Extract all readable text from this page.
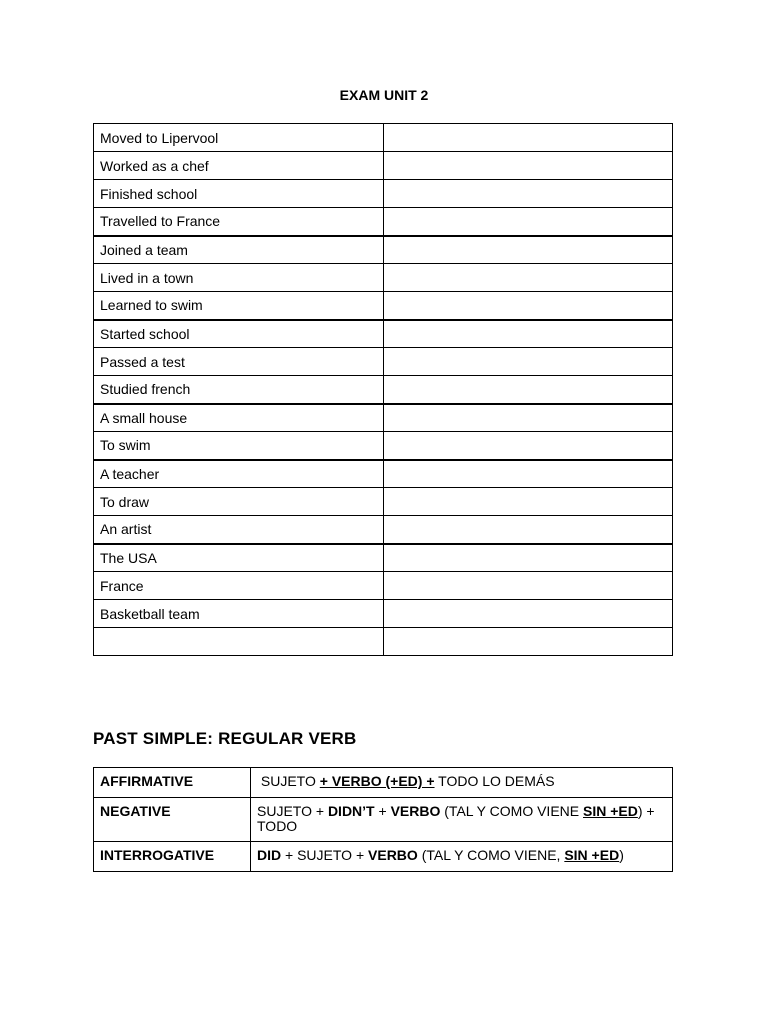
EXAM UNIT 2
Moved to Lipervool	
Worked as a chef	
Finished school	
Travelled to France	
Joined a team	
Lived in a town	
Learned to swim	
Started school	
Passed a test	
Studied french	
A small house	
To swim	
A teacher	
To draw	
An artist	
The USA	
France	
Basketball team	

PAST SIMPLE: REGULAR VERB
AFFIRMATIVE	SUJETO + VERBO (+ED) + TODO LO DEMÁS
NEGATIVE	SUJETO + DIDN’T + VERBO (TAL Y COMO VIENE SIN +ED) + TODO
INTERROGATIVE	DID + SUJETO + VERBO (TAL Y COMO VIENE, SIN +ED)
